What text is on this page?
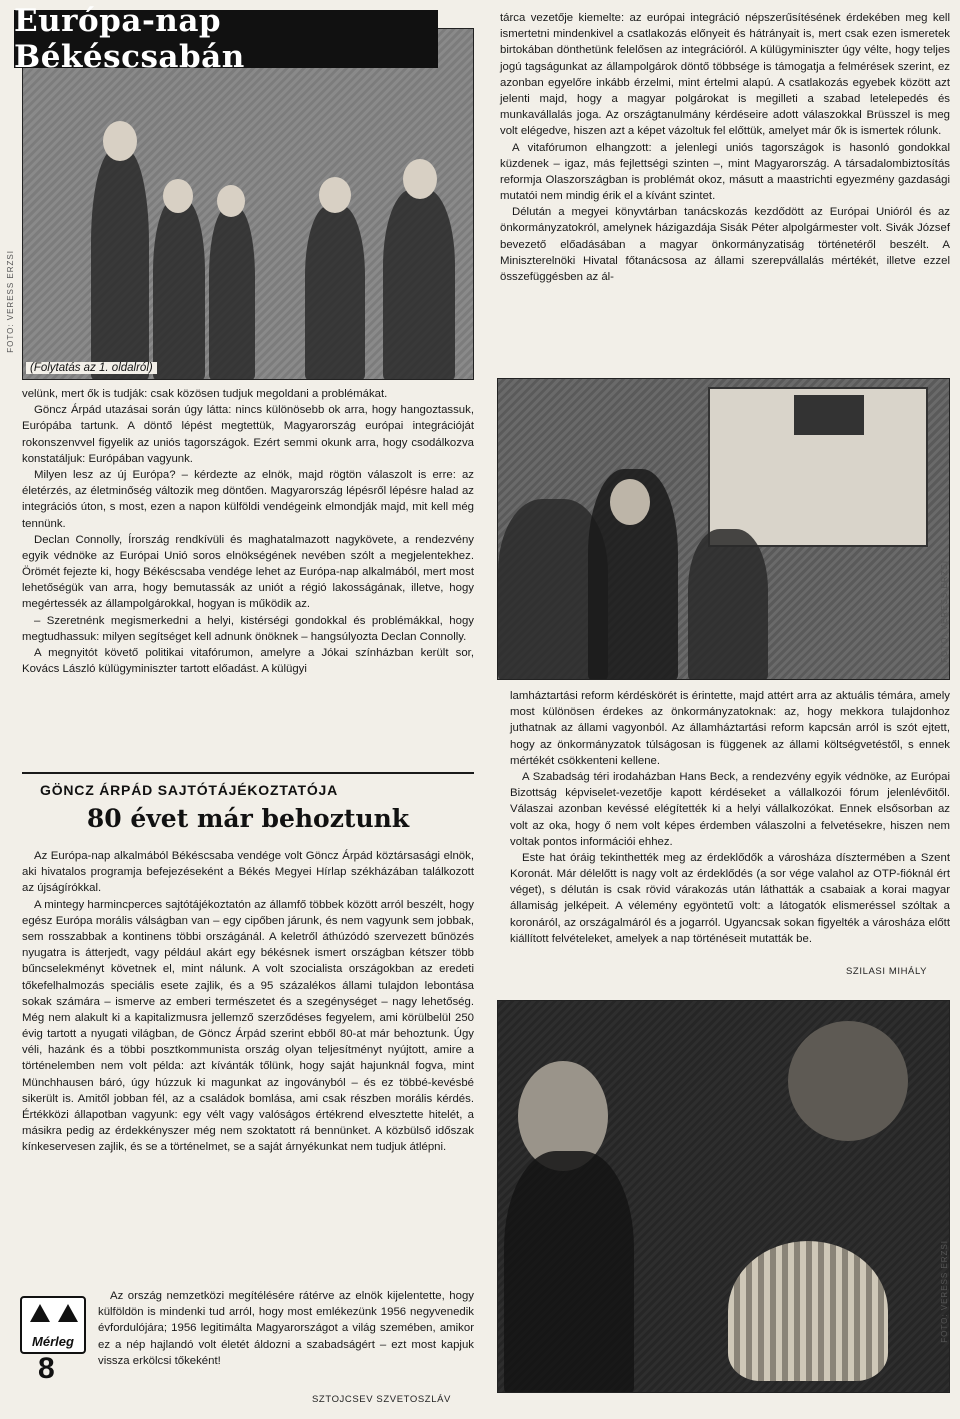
Európa-nap Békéscsabán
FOTO: VERESS ERZSI
(Folytatás az 1. oldalról)

velünk, mert ők is tudják: csak közösen tudjuk megoldani a problémákat.

Göncz Árpád utazásai során úgy látta: nincs különösebb ok arra, hogy hangoztassuk, Európába tartunk. A döntő lépést megtettük, Magyarország európai integrációját rokonszenvvel figyelik az uniós tagországok. Ezért semmi okunk arra, hogy csodálkozva konstatáljuk: Európában vagyunk.

Milyen lesz az új Európa? – kérdezte az elnök, majd rögtön válaszolt is erre: az életérzés, az életminőség változik meg döntően. Magyarország lépésről lépésre halad az integrációs úton, s most, ezen a napon külföldi vendégeink elmondják majd, mit kell még tennünk.

Declan Connolly, Írország rendkívüli és maghatalmazott nagykövete, a rendezvény egyik védnöke az Európai Unió soros elnökségének nevében szólt a megjelentekhez. Örömét fejezte ki, hogy Békéscsaba vendége lehet az Európa-nap alkalmából, mert most lehetőségük van arra, hogy bemutassák az uniót a régió lakosságának, illetve, hogy megértessék az állampolgárokkal, hogyan is működik az.

– Szeretnénk megismerkedni a helyi, kistérségi gondokkal és problémákkal, hogy megtudhassuk: milyen segítséget kell adnunk önöknek – hangsúlyozta Declan Connolly.

A megnyitót követő politikai vitafórumon, amelyre a Jókai színházban került sor, Kovács László külügyminiszter tartott előadást. A külügyi

GÖNCZ ÁRPÁD SAJTÓTÁJÉKOZTATÓJA
80 évet már behoztunk

Az Európa-nap alkalmából Békéscsaba vendége volt Göncz Árpád köztársasági elnök, aki hivatalos programja befejezéseként a Békés Megyei Hírlap székházában találkozott az újságírókkal.

A mintegy harmincperces sajtótájékoztatón az államfő többek között arról beszélt, hogy egész Európa morális válságban van – egy cipőben járunk, és nem vagyunk sem jobbak, sem rosszabbak a kontinens többi országánál. A keletről áthúzódó szervezett bűnözés nyugatra is átterjedt, vagy például akárt egy békésnek ismert országban kétszer több bűncselekményt követnek el, mint nálunk. A volt szocialista országokban az eredeti tőkefelhalmozás speciális esete zajlik, és a 95 százalékos állami tulajdon lebontása sokak számára – ismerve az emberi természetet és a szegénységet – nagy lehetőség. Még nem alakult ki a kapitalizmusra jellemző szerződéses fegyelem, ami körülbelül 250 évig tartott a nyugati világban, de Göncz Árpád szerint ebből 80-at már behoztunk. Úgy véli, hazánk és a többi posztkommunista ország olyan teljesítményt nyújtott, amire a történelemben nem volt példa: azt kívánták tőlünk, hogy saját hajunknál fogva, mint Münchhausen báró, úgy húzzuk ki magunkat az ingoványból – és ez többé-kevésbé sikerült is. Amitől jobban fél, az a családok bomlása, ami csak részben morális kérdés. Értékközi állapotban vagyunk: egy vélt vagy valóságos értékrend elvesztette hitelét, a másikra pedig az érdekkényszer még nem szoktatott rá bennünket. A közbülső időszak kínkeservesen zajlik, és se a történelmet, se a saját árnyékunkat nem tudjuk átlépni.

Az ország nemzetközi megítélésére rátérve az elnök kijelentette, hogy külföldön is mindenki tud arról, hogy most emlékezünk 1956 negyvenedik évfordulójára; 1956 legitimálta Magyarországot a világ szemében, amikor ez a nép hajlandó volt életét áldozni a szabadságért – ezt most kapjuk vissza erkölcsi tőkeként!

SZTOJCSEV SZVETOSZLÁV
Mérleg
8

tárca vezetője kiemelte: az európai integráció népszerűsítésének érdekében meg kell ismertetni mindenkivel a csatlakozás előnyeit és hátrányait is, mert csak ezen ismeretek birtokában dönthetünk felelősen az integrációról. A külügyminiszter úgy vélte, hogy teljes jogú tagságunkat az állampolgárok döntő többsége is támogatja a felmérések szerint, ez azonban egyelőre inkább érzelmi, mint értelmi alapú. A csatlakozás egyebek között azt jelenti majd, hogy a magyar polgárokat is megilleti a szabad letelepedés és munkavállalás joga. Az országtanulmány kérdéseire adott válaszokkal Brüsszel is meg volt elégedve, hiszen azt a képet vázoltuk fel előttük, amelyet már ők is ismertek rólunk.

A vitafórumon elhangzott: a jelenlegi uniós tagországok is hasonló gondokkal küzdenek – igaz, más fejlettségi szinten –, mint Magyarország. A társadalombiztosítás reformja Olaszországban is problémát okoz, másutt a maastrichti egyezmény gazdasági mutatói nem mindig érik el a kívánt szintet.

Délután a megyei könyvtárban tanácskozás kezdődött az Európai Unióról és az önkormányzatokról, amelynek házigazdája Sisák Péter alpolgármester volt. Sivák József bevezető előadásában a magyar önkormányzatiság történetéről beszélt. A Miniszterelnöki Hivatal főtanácsosa az állami szerepvállalás mértékét, illetve ezzel összefüggésben az ál-

FOTO: VERESS ERZSI

lamháztartási reform kérdéskörét is érintette, majd attért arra az aktuális témára, amely most különösen érdekes az önkormányzatoknak: az, hogy mekkora tulajdonhoz juthatnak az állami vagyonból. Az államháztartási reform kapcsán arról is szót ejtett, hogy az önkormányzatok túlságosan is függenek az állami költségvetéstől, s ennek mértékét csökkenteni kellene.

A Szabadság téri irodaházban Hans Beck, a rendezvény egyik védnöke, az Európai Bizottság képviselet-vezetője kapott kérdéseket a vállalkozói fórum jelenlévőitől. Válaszai azonban kevéssé elégítették ki a helyi vállalkozókat. Ennek elsősorban az volt az oka, hogy ő nem volt képes érdemben válaszolni a felvetésekre, hiszen nem voltak pontos információi ehhez.

Este hat óráig tekinthették meg az érdeklődők a városháza dísztermében a Szent Koronát. Már délelőtt is nagy volt az érdeklődés (a sor vége valahol az OTP-fióknál ért véget), s délután is csak rövid várakozás után láthatták a csabaiak a korai magyar államiság jelképeit. A vélemény egyöntetű volt: a látogatók elismeréssel szóltak a koronáról, az országalmáról és a jogarról. Ugyancsak sokan figyelték a városháza előtt kiállított felvételeket, amelyek a nap történéseit mutatták be.

SZILASI MIHÁLY
FOTO: VERESS ERZSI
